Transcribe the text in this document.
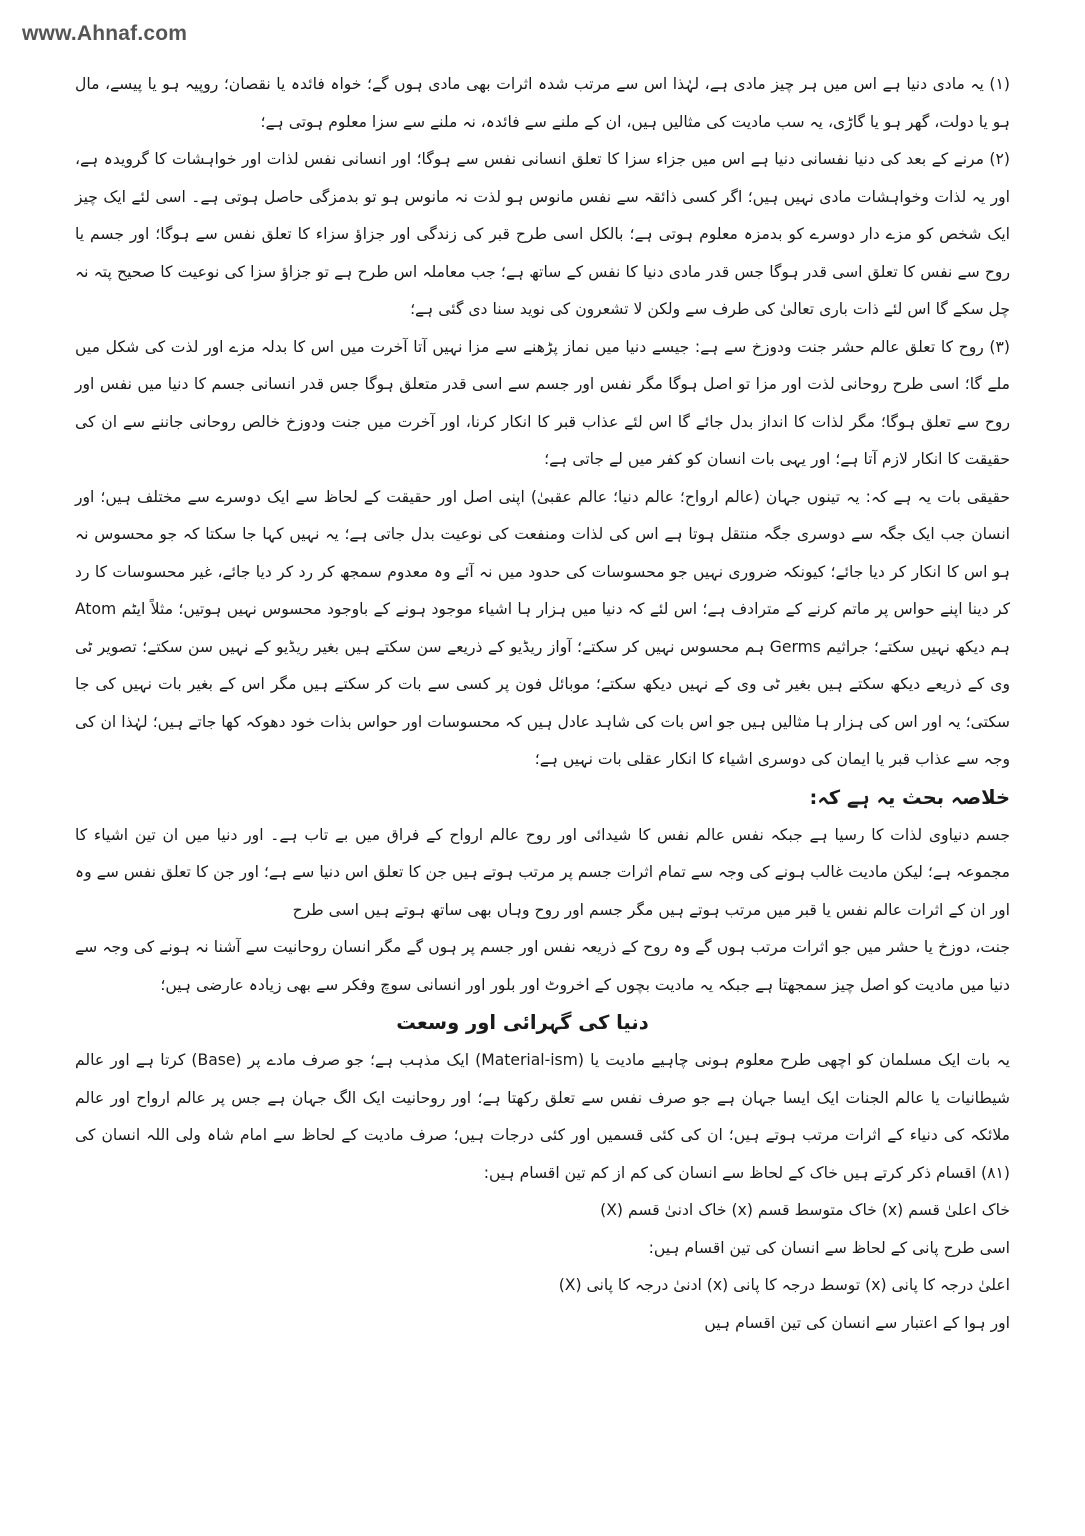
www.Ahnaf.com

(۱) یہ مادی دنیا ہے اس میں ہر چیز مادی ہے، لہٰذا اس سے مرتب شدہ اثرات بھی مادی ہوں گے؛ خواہ فائدہ یا نقصان؛ روپیہ ہو یا پیسے، مال ہو یا دولت، گھر ہو یا گاڑی، یہ سب مادیت کی مثالیں ہیں، ان کے ملنے سے فائدہ، نہ ملنے سے سزا معلوم ہوتی ہے؛

(۲) مرنے کے بعد کی دنیا نفسانی دنیا ہے اس میں جزاء سزا کا تعلق انسانی نفس سے ہوگا؛ اور انسانی نفس لذات اور خواہشات کا گرویدہ ہے، اور یہ لذات وخواہشات مادی نہیں ہیں؛ اگر کسی ذائقہ سے نفس مانوس ہو لذت نہ مانوس ہو تو بدمزگی حاصل ہوتی ہے۔ اسی لئے ایک چیز ایک شخص کو مزے دار دوسرے کو بدمزہ معلوم ہوتی ہے؛ بالکل اسی طرح قبر کی زندگی اور جزاؤ سزاء کا تعلق نفس سے ہوگا؛ اور جسم یا روح سے نفس کا تعلق اسی قدر ہوگا جس قدر مادی دنیا کا نفس کے ساتھ ہے؛ جب معاملہ اس طرح ہے تو جزاؤ سزا کی نوعیت کا صحیح پتہ نہ چل سکے گا اس لئے ذات باری تعالیٰ کی طرف سے ولکن لا تشعرون کی نوید سنا دی گئی ہے؛

(۳) روح کا تعلق عالم حشر جنت ودوزخ سے ہے: جیسے دنیا میں نماز پڑھنے سے مزا نہیں آتا آخرت میں اس کا بدلہ مزے اور لذت کی شکل میں ملے گا؛ اسی طرح روحانی لذت اور مزا تو اصل ہوگا مگر نفس اور جسم سے اسی قدر متعلق ہوگا جس قدر انسانی جسم کا دنیا میں نفس اور روح سے تعلق ہوگا؛ مگر لذات کا انداز بدل جائے گا اس لئے عذاب قبر کا انکار کرنا، اور آخرت میں جنت ودوزخ خالص روحانی جاننے سے ان کی حقیقت کا انکار لازم آتا ہے؛ اور یہی بات انسان کو کفر میں لے جاتی ہے؛

حقیقی بات یہ ہے کہ: یہ تینوں جہان (عالم ارواح؛ عالم دنیا؛ عالم عقبیٰ) اپنی اصل اور حقیقت کے لحاظ سے ایک دوسرے سے مختلف ہیں؛ اور انسان جب ایک جگہ سے دوسری جگہ منتقل ہوتا ہے اس کی لذات ومنفعت کی نوعیت بدل جاتی ہے؛ یہ نہیں کہا جا سکتا کہ جو محسوس نہ ہو اس کا انکار کر دیا جائے؛ کیونکہ ضروری نہیں جو محسوسات کی حدود میں نہ آئے وہ معدوم سمجھ کر رد کر دیا جائے، غیر محسوسات کا رد کر دینا اپنے حواس پر ماتم کرنے کے مترادف ہے؛ اس لئے کہ دنیا میں ہزار ہا اشیاء موجود ہونے کے باوجود محسوس نہیں ہوتیں؛ مثلاً ایٹم Atom ہم دیکھ نہیں سکتے؛ جراثیم Germs ہم محسوس نہیں کر سکتے؛ آواز ریڈیو کے ذریعے سن سکتے ہیں بغیر ریڈیو کے نہیں سن سکتے؛ تصویر ٹی وی کے ذریعے دیکھ سکتے ہیں بغیر ٹی وی کے نہیں دیکھ سکتے؛ موبائل فون پر کسی سے بات کر سکتے ہیں مگر اس کے بغیر بات نہیں کی جا سکتی؛ یہ اور اس کی ہزار ہا مثالیں ہیں جو اس بات کی شاہد عادل ہیں کہ محسوسات اور حواس بذات خود دھوکہ کھا جاتے ہیں؛ لہٰذا ان کی وجہ سے عذاب قبر یا ایمان کی دوسری اشیاء کا انکار عقلی بات نہیں ہے؛

خلاصہ بحث یہ ہے کہ:

جسم دنیاوی لذات کا رسیا ہے جبکہ نفس عالم نفس کا شیدائی اور روح عالم ارواح کے فراق میں بے تاب ہے۔ اور دنیا میں ان تین اشیاء کا مجموعہ ہے؛ لیکن مادیت غالب ہونے کی وجہ سے تمام اثرات جسم پر مرتب ہوتے ہیں جن کا تعلق اس دنیا سے ہے؛ اور جن کا تعلق نفس سے وہ اور ان کے اثرات عالم نفس یا قبر میں مرتب ہوتے ہیں مگر جسم اور روح وہاں بھی ساتھ ہوتے ہیں اسی طرح

جنت، دوزخ یا حشر میں جو اثرات مرتب ہوں گے وہ روح کے ذریعہ نفس اور جسم پر ہوں گے مگر انسان روحانیت سے آشنا نہ ہونے کی وجہ سے دنیا میں مادیت کو اصل چیز سمجھتا ہے جبکہ یہ مادیت بچوں کے اخروٹ اور بلور اور انسانی سوچ وفکر سے بھی زیادہ عارضی ہیں؛

دنیا کی گہرائی اور وسعت

یہ بات ایک مسلمان کو اچھی طرح معلوم ہونی چاہیے مادیت یا (Material-ism) ایک مذہب ہے؛ جو صرف مادے پر (Base) کرتا ہے اور عالم شیطانیات یا عالم الجنات ایک ایسا جہان ہے جو صرف نفس سے تعلق رکھتا ہے؛ اور روحانیت ایک الگ جہان ہے جس پر عالم ارواح اور عالم ملائکہ کی دنیاء کے اثرات مرتب ہوتے ہیں؛ ان کی کئی قسمیں اور کئی درجات ہیں؛ صرف مادیت کے لحاظ سے امام شاہ ولی اللہ انسان کی (۸۱) اقسام ذکر کرتے ہیں خاک کے لحاظ سے انسان کی کم از کم تین اقسام ہیں:

خاک اعلیٰ قسم (x) خاک متوسط قسم (x) خاک ادنیٰ قسم (X)

اسی طرح پانی کے لحاظ سے انسان کی تین اقسام ہیں:

اعلیٰ درجہ کا پانی (x) توسط درجہ کا پانی (x) ادنیٰ درجہ کا پانی (X)

اور ہوا کے اعتبار سے انسان کی تین اقسام ہیں
